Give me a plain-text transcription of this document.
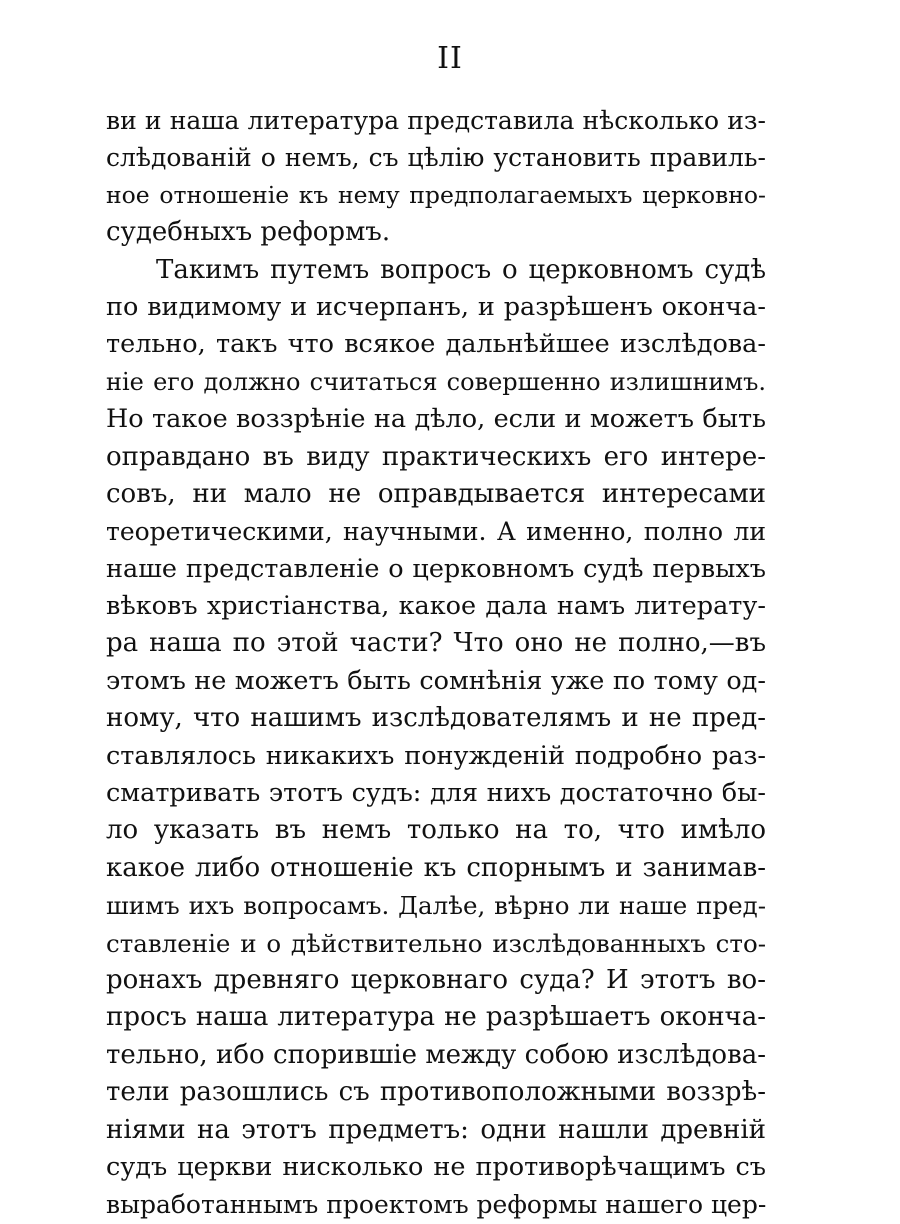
II
ви и наша литература представила нѣсколько из-
слѣдованій о немъ, съ цѣлію установить правиль-
ное отношеніе къ нему предполагаемыхъ церковно-
судебныхъ реформъ.
Такимъ путемъ вопросъ о церковномъ судѣ
по видимому и исчерпанъ, и разрѣшенъ оконча-
тельно, такъ что всякое дальнѣйшее изслѣдова-
ніе его должно считаться совершенно излишнимъ.
Но такое воззрѣніе на дѣло, если и можетъ быть
оправдано въ виду практическихъ его интере-
совъ, ни мало не оправдывается интересами
теоретическими, научными. А именно, полно ли
наше представленіе о церковномъ судѣ первыхъ
вѣковъ христіанства, какое дала намъ литерату-
ра наша по этой части? Что оно не полно,—въ
этомъ не можетъ быть сомнѣнія уже по тому од-
ному, что нашимъ изслѣдователямъ и не пред-
ставлялось никакихъ понужденій подробно раз-
сматривать этотъ судъ: для нихъ достаточно бы-
ло указать въ немъ только на то, что имѣло
какое либо отношеніе къ спорнымъ и занимав-
шимъ ихъ вопросамъ. Далѣе, вѣрно ли наше пред-
ставленіе и о дѣйствительно изслѣдованныхъ сто-
ронахъ древняго церковнаго суда? И этотъ во-
просъ наша литература не разрѣшаетъ оконча-
тельно, ибо спорившіе между собою изслѣдова-
тели разошлись съ противоположными воззрѣ-
ніями на этотъ предметъ: одни нашли древній
судъ церкви нисколько не противорѣчащимъ съ
выработаннымъ проектомъ реформы нашего цер-
